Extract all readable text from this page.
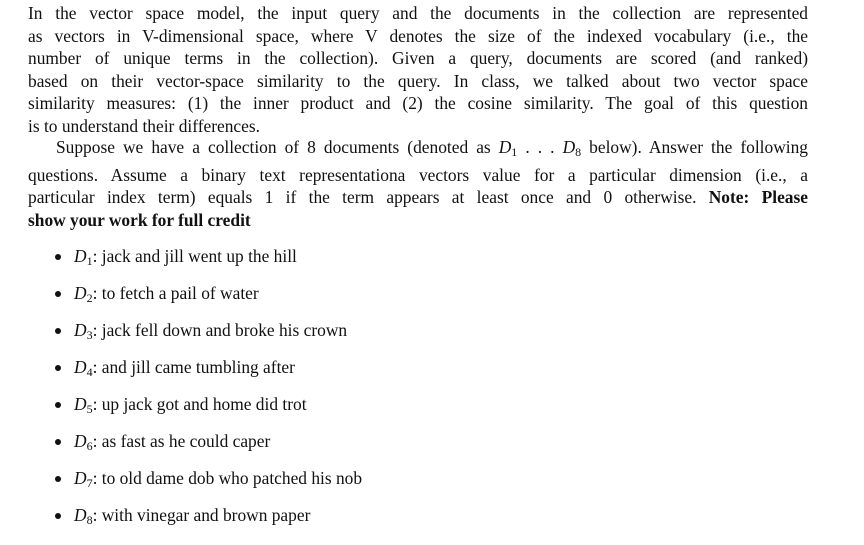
In the vector space model, the input query and the documents in the collection are represented
as vectors in V-dimensional space, where V denotes the size of the indexed vocabulary (i.e., the
number of unique terms in the collection). Given a query, documents are scored (and ranked)
based on their vector-space similarity to the query. In class, we talked about two vector space
similarity measures: (1) the inner product and (2) the cosine similarity. The goal of this question
is to understand their differences.
Suppose we have a collection of 8 documents (denoted as $D_1$ . . . $D_8$ below). Answer the following
questions. Assume a binary text representationa vectors value for a particular dimension (i.e., a
particular index term) equals 1 if the term appears at least once and 0 otherwise. Note: Please
show your work for full credit
$D_1$: jack and jill went up the hill
$D_2$: to fetch a pail of water
$D_3$: jack fell down and broke his crown
$D_4$: and jill came tumbling after
$D_5$: up jack got and home did trot
$D_6$: as fast as he could caper
$D_7$: to old dame dob who patched his nob
$D_8$: with vinegar and brown paper
